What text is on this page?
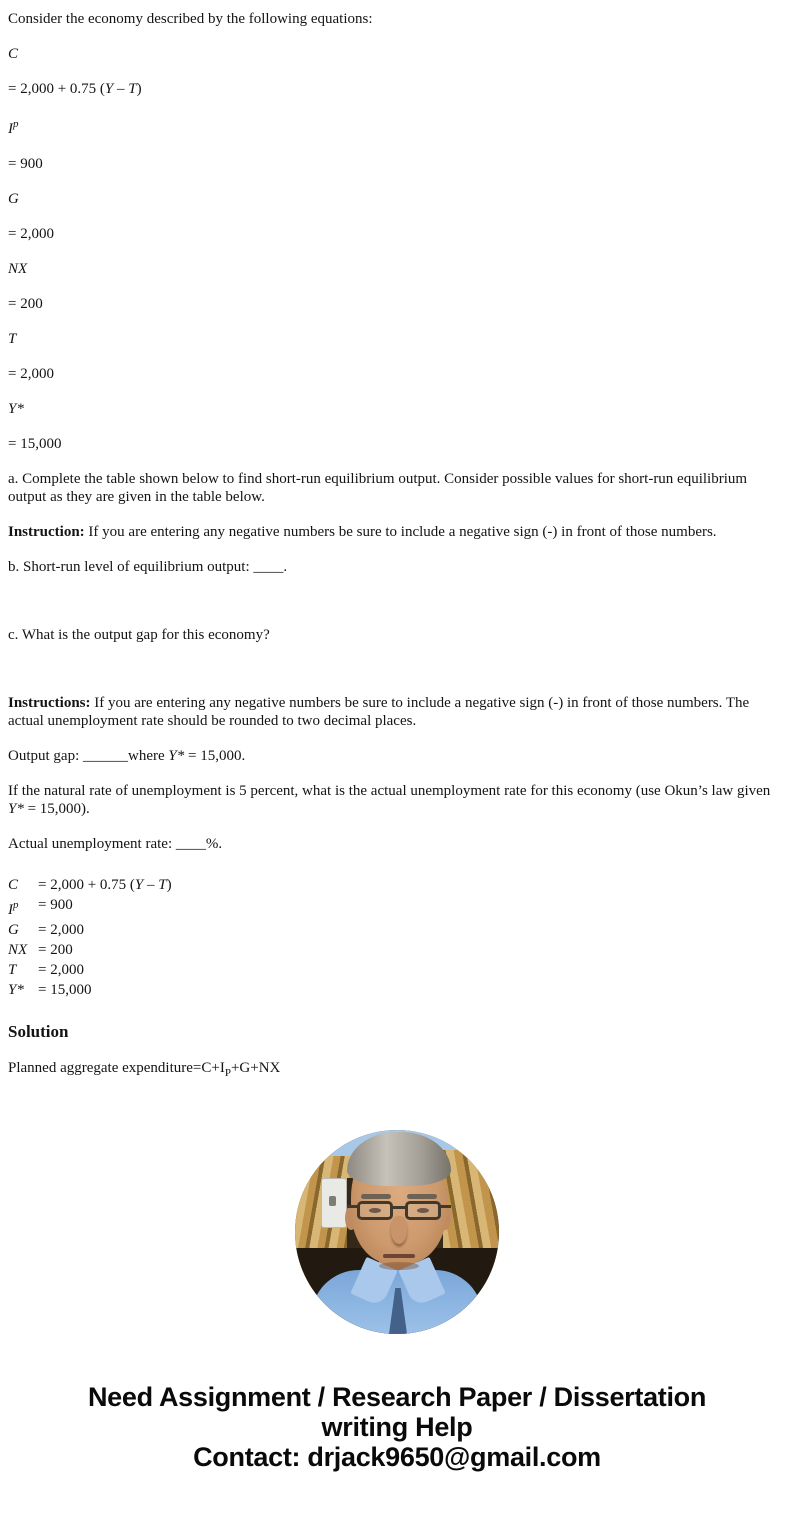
Consider the economy described by the following equations:

C

= 2,000 + 0.75 (Y – T)

$I^p$

= 900

G

= 2,000

NX

= 200

T

= 2,000

Y*

= 15,000

a. Complete the table shown below to find short-run equilibrium output. Consider possible values for short-run equilibrium output as they are given in the table below.

Instruction: If you are entering any negative numbers be sure to include a negative sign (-) in front of those numbers.

b. Short-run level of equilibrium output: ____.

c. What is the output gap for this economy?

Instructions: If you are entering any negative numbers be sure to include a negative sign (-) in front of those numbers. The actual unemployment rate should be rounded to two decimal places.

Output gap: ______where Y* = 15,000.

If the natural rate of unemployment is 5 percent, what is the actual unemployment rate for this economy (use Okun’s law given Y* = 15,000).

Actual unemployment rate: ____%.

C	= 2,000 + 0.75 (Y – T)
$I^p$	= 900
G	= 2,000
NX	= 200
T	= 2,000
Y*	= 15,000
Solution

Planned aggregate $expenditure=C+I_P+G+NX$

Need Assignment / Research Paper / Dissertation
writing Help
Contact: drjack9650@gmail.com
